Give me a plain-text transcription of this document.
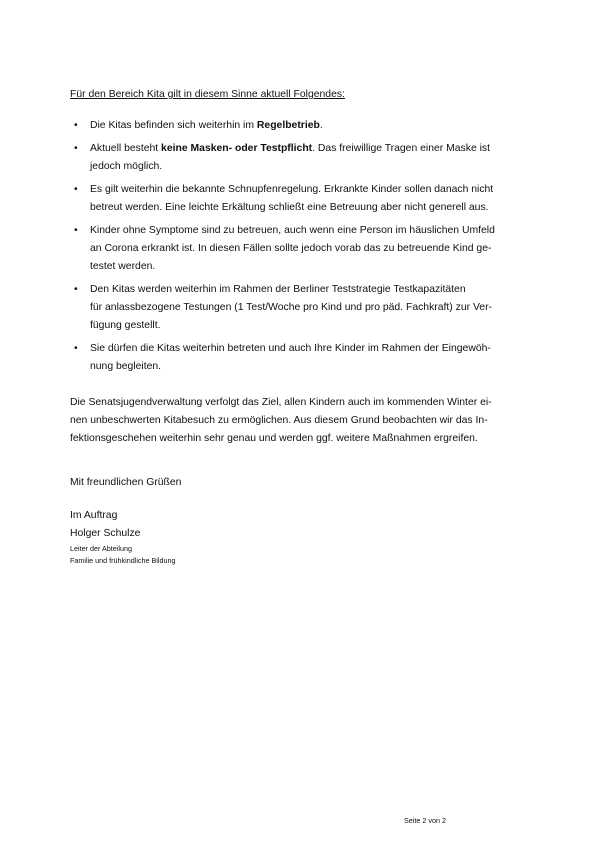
Für den Bereich Kita gilt in diesem Sinne aktuell Folgendes:

• Die Kitas befinden sich weiterhin im Regelbetrieb.
• Aktuell besteht keine Masken- oder Testpflicht. Das freiwillige Tragen einer Maske ist
jedoch möglich.
• Es gilt weiterhin die bekannte Schnupfenregelung. Erkrankte Kinder sollen danach nicht
betreut werden. Eine leichte Erkältung schließt eine Betreuung aber nicht generell aus.
• Kinder ohne Symptome sind zu betreuen, auch wenn eine Person im häuslichen Umfeld
an Corona erkrankt ist. In diesen Fällen sollte jedoch vorab das zu betreuende Kind ge-
testet werden.
• Den Kitas werden weiterhin im Rahmen der Berliner Teststrategie Testkapazitäten
für anlassbezogene Testungen (1 Test/Woche pro Kind und pro päd. Fachkraft) zur Ver-
fügung gestellt.
• Sie dürfen die Kitas weiterhin betreten und auch Ihre Kinder im Rahmen der Eingewöh-
nung begleiten.
Die Senatsjugendverwaltung verfolgt das Ziel, allen Kindern auch im kommenden Winter ei-
nen unbeschwerten Kitabesuch zu ermöglichen. Aus diesem Grund beobachten wir das In-
fektionsgeschehen weiterhin sehr genau und werden ggf. weitere Maßnahmen ergreifen.
Mit freundlichen Grüßen
Im Auftrag
Holger Schulze
Leiter der Abteilung
Familie und frühkindliche Bildung
Seite 2 von 2
